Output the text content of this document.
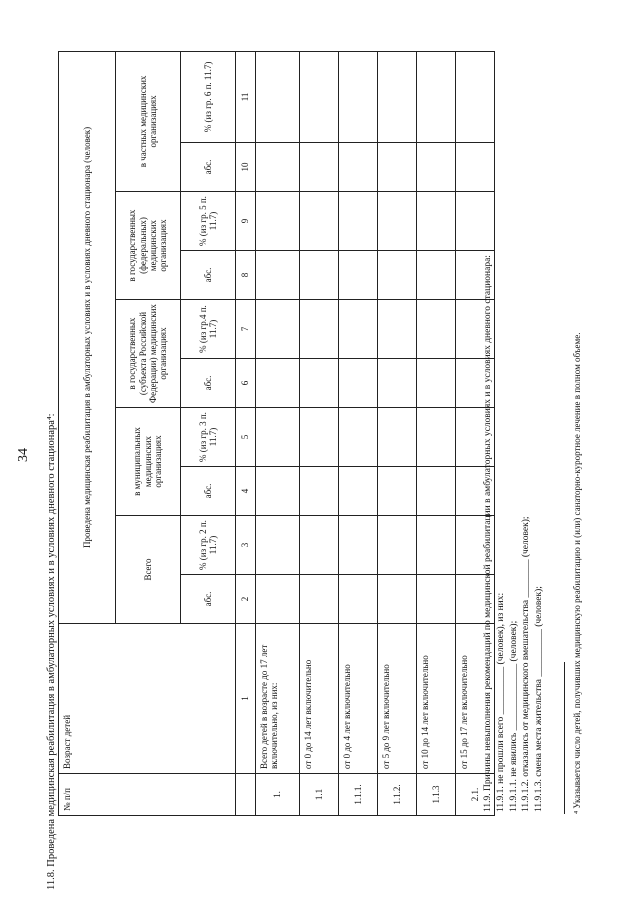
34 11.8. Проведена медицинская реабилитация в амбулаторных условиях и в условиях дневного стационара⁴: № п/п	Возраст детей	Проведена медицинская реабилитация в амбулаторных условиях и в условиях дневного стационара (человек)									
		Всего		в муниципальных медицинских организациях		в государственных (субъекта Российской Федерации) медицинских организациях		в государственных (федеральных) медицинских организациях		в частных медицинских организациях	
		абс.	% (из гр. 2 п. 11.7)	абс.	% (из гр. 3 п. 11.7)	абс.	% (из гр.4 п. 11.7)	абс.	% (из гр. 5 п. 11.7)	абс.	% (из гр. 6 п. 11.7)
	1	2	3	4	5	6	7	8	9	10	11
1.	Всего детей в возрасте до 17 лет включительно, из них:										
1.1	от 0 до 14 лет включительно										
1.1.1.	от 0 до 4 лет включительно										
1.1.2.	от 5 до 9 лет включительно										
1.1.3	от 10 до 14 лет включительно										
2.1.	от 15 до 17 лет включительно										11.9. Причины невыполнения рекомендаций по медицинской реабилитации в амбулаторных условиях и в условиях дневного стационара: 11.9.1. не прошли всего __________ (человек), из них:
11.9.1.1. не явились ______________ (человек); 11.9.1.2. отказались от медицинского вмешательства ________ (человек);
11.9.1.3. смена места жительства __________ (человек);	⁴ Указывается число детей, получивших медицинскую реабилитацию и (или) санаторно-курортное лечение в полном объеме.
